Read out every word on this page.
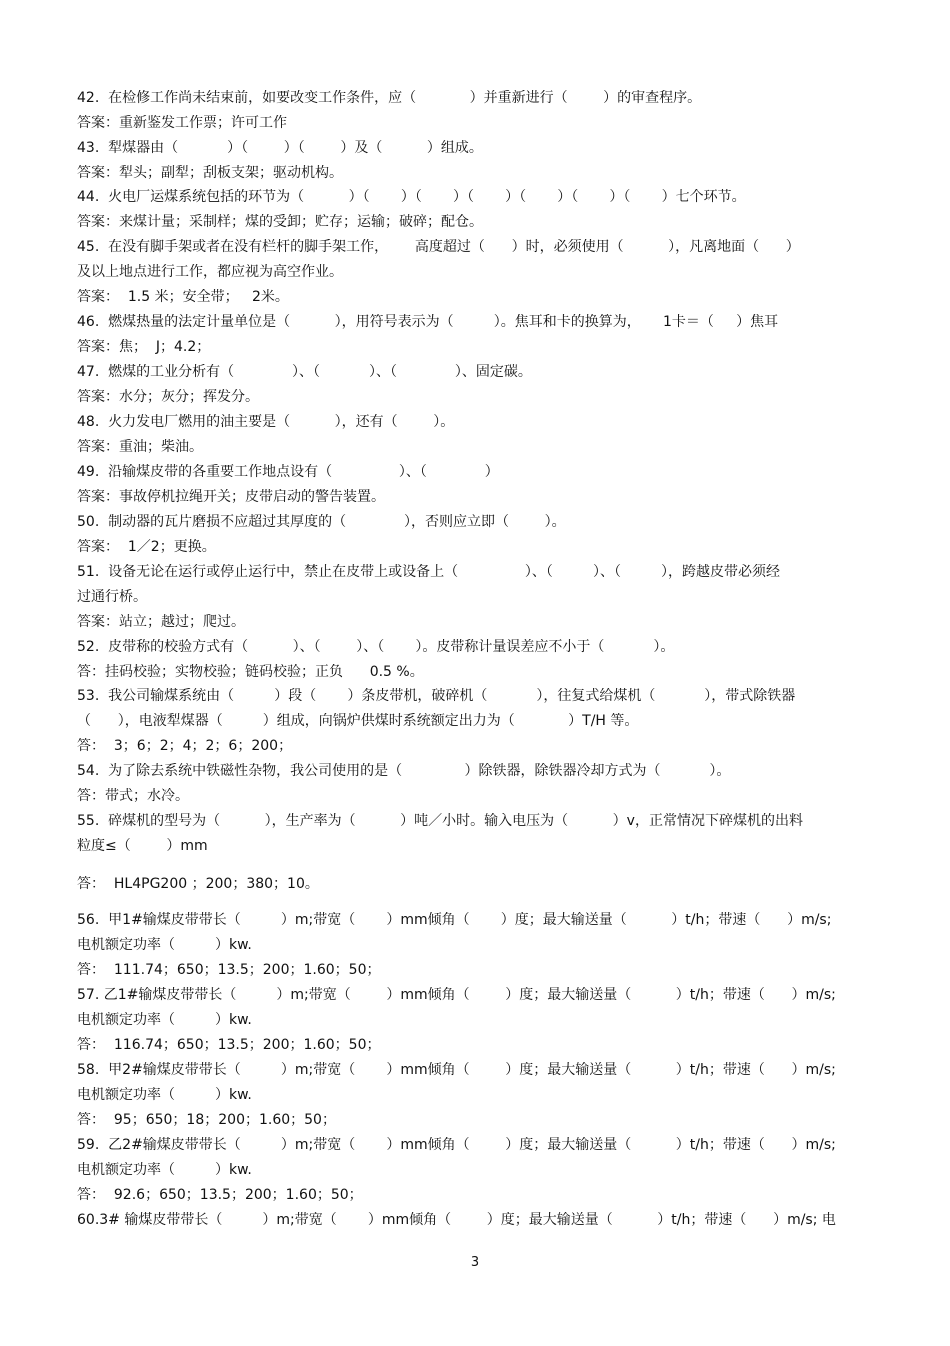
42.  在检修工作尚未结束前，如要改变工作条件，应（            ）并重新进行（        ）的审查程序。
答案：重新鉴发工作票；许可工作
43.  犁煤器由（           ）（        ）（        ）及（          ）组成。
答案：犁头；副犁；刮板支架；驱动机构。
44.  火电厂运煤系统包括的环节为（          ）（       ）（       ）（       ）（       ）（       ）（       ）七个环节。
答案：来煤计量；采制样；煤的受卸；贮存；运输；破碎；配仓。
45.  在没有脚手架或者在没有栏杆的脚手架工作，      高度超过（      ）时，必须使用（          ），凡离地面（      ）
及以上地点进行工作，都应视为高空作业。
答案：  1.5 米；安全带；   2米。
46.  燃煤热量的法定计量单位是（          ），用符号表示为（         ）。焦耳和卡的换算为，     1卡＝（     ）焦耳
答案：焦；  J；4.2；
47.  燃煤的工业分析有（             ）、（           ）、（             ）、固定碳。
答案：水分；灰分；挥发分。
48.  火力发电厂燃用的油主要是（          ），还有（        ）。
答案：重油；柴油。
49.  沿输煤皮带的各重要工作地点设有（               ）、（             ）
答案：事故停机拉绳开关；皮带启动的警告装置。
50.  制动器的瓦片磨损不应超过其厚度的（             ），否则应立即（        ）。
答案：  1／2；更换。
51.  设备无论在运行或停止运行中，禁止在皮带上或设备上（               ）、（         ）、（         ），跨越皮带必须经
过通行桥。
答案：站立；越过；爬过。
52.  皮带称的校验方式有（          ）、（        ）、（       ）。皮带称计量误差应不小于（           ）。
答：挂码校验；实物校验；链码校验；正负      0.5 %。
53.  我公司输煤系统由（         ）段（       ）条皮带机，破碎机（           ），往复式给煤机（           ），带式除铁器
（      ），电液犁煤器（         ）组成，向锅炉供煤时系统额定出力为（            ）T/H 等。
答：  3；6；2；4；2；6；200；
54.  为了除去系统中铁磁性杂物，我公司使用的是（              ）除铁器，除铁器冷却方式为（           ）。
答：带式；水冷。
55.  碎煤机的型号为（          ），生产率为（          ）吨／小时。输入电压为（          ）v，正常情况下碎煤机的出料
粒度≤（        ）mm
答：  HL4PG200 ；200；380；10。
56.  甲1#输煤皮带带长（         ）m;带宽（       ）mm倾角（       ）度；最大输送量（          ）t/h；带速（      ）m/s;
电机额定功率（         ）kw.
答：  111.74；650；13.5；200；1.60；50；
57. 乙1#输煤皮带带长（         ）m;带宽（        ）mm倾角（        ）度；最大输送量（          ）t/h；带速（      ）m/s;
电机额定功率（         ）kw.
答：  116.74；650；13.5；200；1.60；50；
58.  甲2#输煤皮带带长（         ）m;带宽（       ）mm倾角（        ）度；最大输送量（          ）t/h；带速（      ）m/s;
电机额定功率（         ）kw.
答：  95；650；18；200；1.60；50；
59.  乙2#输煤皮带带长（         ）m;带宽（       ）mm倾角（        ）度；最大输送量（          ）t/h；带速（      ）m/s;
电机额定功率（         ）kw.
答：  92.6；650；13.5；200；1.60；50；
60.3# 输煤皮带带长（         ）m;带宽（       ）mm倾角（        ）度；最大输送量（          ）t/h；带速（      ）m/s; 电
3
